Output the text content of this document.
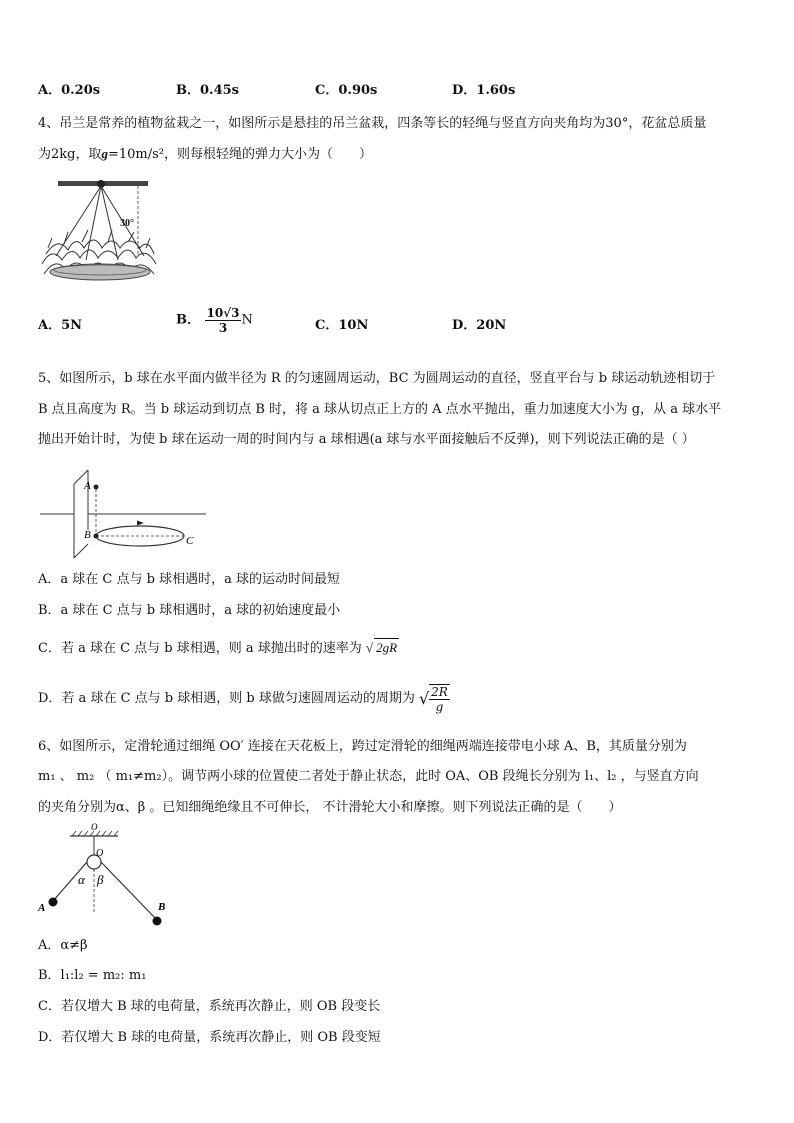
A．0.20s	B．0.45s	C．0.90s	D．1.60s
4、吊兰是常养的植物盆栽之一，如图所示是悬挂的吊兰盆栽，四条等长的轻绳与竖直方向夹角均为30°，花盆总质量
为2kg，取g=10m/s²，则每根轻绳的弹力大小为（　　）
30°
A．5N	B． $\frac{10√3}{3}$ N	C．10N	D．20N
5、如图所示，b 球在水平面内做半径为 R 的匀速圆周运动，BC 为圆周运动的直径，竖直平台与 b 球运动轨迹相切于
B 点且高度为 R。当 b 球运动到切点 B 时，将 a 球从切点正上方的 A 点水平抛出，重力加速度大小为 g，从 a 球水平
抛出开始计时，为使 b 球在运动一周的时间内与 a 球相遇(a 球与水平面接触后不反弹)，则下列说法正确的是（ ）
A
B	C
A．a 球在 C 点与 b 球相遇时，a 球的运动时间最短
B．a 球在 C 点与 b 球相遇时，a 球的初始速度最小
C．若 a 球在 C 点与 b 球相遇，则 a 球抛出时的速率为 √ 2gR
D．若 a 球在 C 点与 b 球相遇，则 b 球做匀速圆周运动的周期为 √ $\frac{2R}{g}$
6、如图所示，定滑轮通过细绳 OO′ 连接在天花板上，跨过定滑轮的细绳两端连接带电小球 A、B，其质量分别为
m₁ 、 m₂ （ m₁≠m₂）。调节两小球的位置使二者处于静止状态，此时 OA、OB 段绳长分别为 l₁、l₂ ，与竖直方向
的夹角分别为α、β 。已知细绳绝缘且不可伸长， 不计滑轮大小和摩擦。则下列说法正确的是（　　）
O
O
α β
A	B
A．α≠β
B．l₁:l₂ = m₂: m₁
C．若仅增大 B 球的电荷量，系统再次静止，则 OB 段变长
D．若仅增大 B 球的电荷量，系统再次静止，则 OB 段变短
